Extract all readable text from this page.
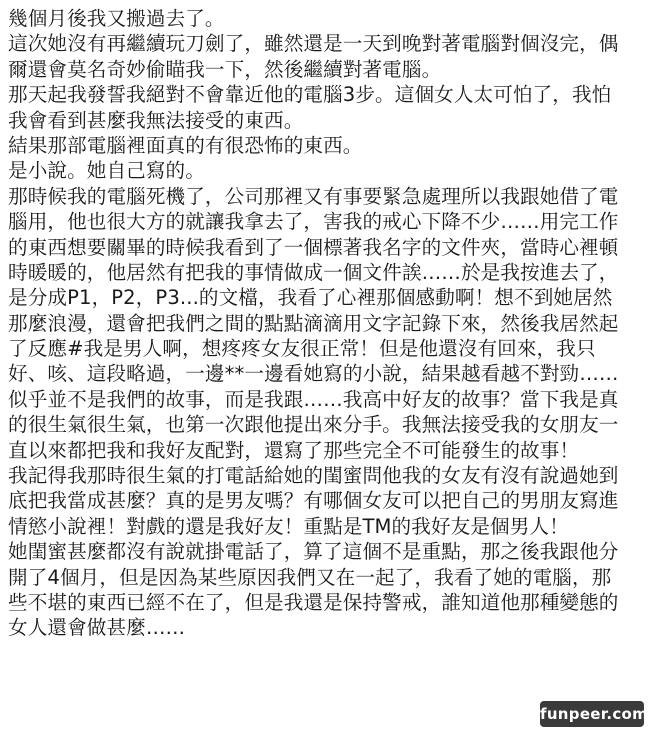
幾個月後我又搬過去了。
這次她沒有再繼續玩刀劍了，雖然還是一天到晚對著電腦對個沒完，偶
爾還會莫名奇妙偷瞄我一下，然後繼續對著電腦。
那天起我發誓我絕對不會靠近他的電腦3步。這個女人太可怕了，我怕
我會看到甚麼我無法接受的東西。
結果那部電腦裡面真的有很恐怖的東西。
是小說。她自己寫的。
那時候我的電腦死機了，公司那裡又有事要緊急處理所以我跟她借了電
腦用，他也很大方的就讓我拿去了，害我的戒心下降不少……用完工作
的東西想要關畢的時候我看到了一個標著我名字的文件夾，當時心裡頓
時暖暖的，他居然有把我的事情做成一個文件誒……於是我按進去了，
是分成P1，P2，P3...的文檔，我看了心裡那個感動啊！想不到她居然
那麼浪漫，還會把我們之間的點點滴滴用文字記錄下來，然後我居然起
了反應#我是男人啊，想疼疼女友很正常！但是他還沒有回來，我只
好、咳、這段略過，一邊**一邊看她寫的小說，結果越看越不對勁……
似乎並不是我們的故事，而是我跟……我高中好友的故事？當下我是真
的很生氣很生氣，也第一次跟他提出來分手。我無法接受我的女朋友一
直以來都把我和我好友配對，還寫了那些完全不可能發生的故事！
我記得我那時很生氣的打電話給她的閨蜜問他我的女友有沒有說過她到
底把我當成甚麼？真的是男友嗎？有哪個女友可以把自己的男朋友寫進
情慾小說裡！對戲的還是我好友！重點是TM的我好友是個男人！
她閨蜜甚麼都沒有說就掛電話了，算了這個不是重點，那之後我跟他分
開了4個月，但是因為某些原因我們又在一起了，我看了她的電腦，那
些不堪的東西已經不在了，但是我還是保持警戒，誰知道他那種變態的
女人還會做甚麼……
funpeer.com
